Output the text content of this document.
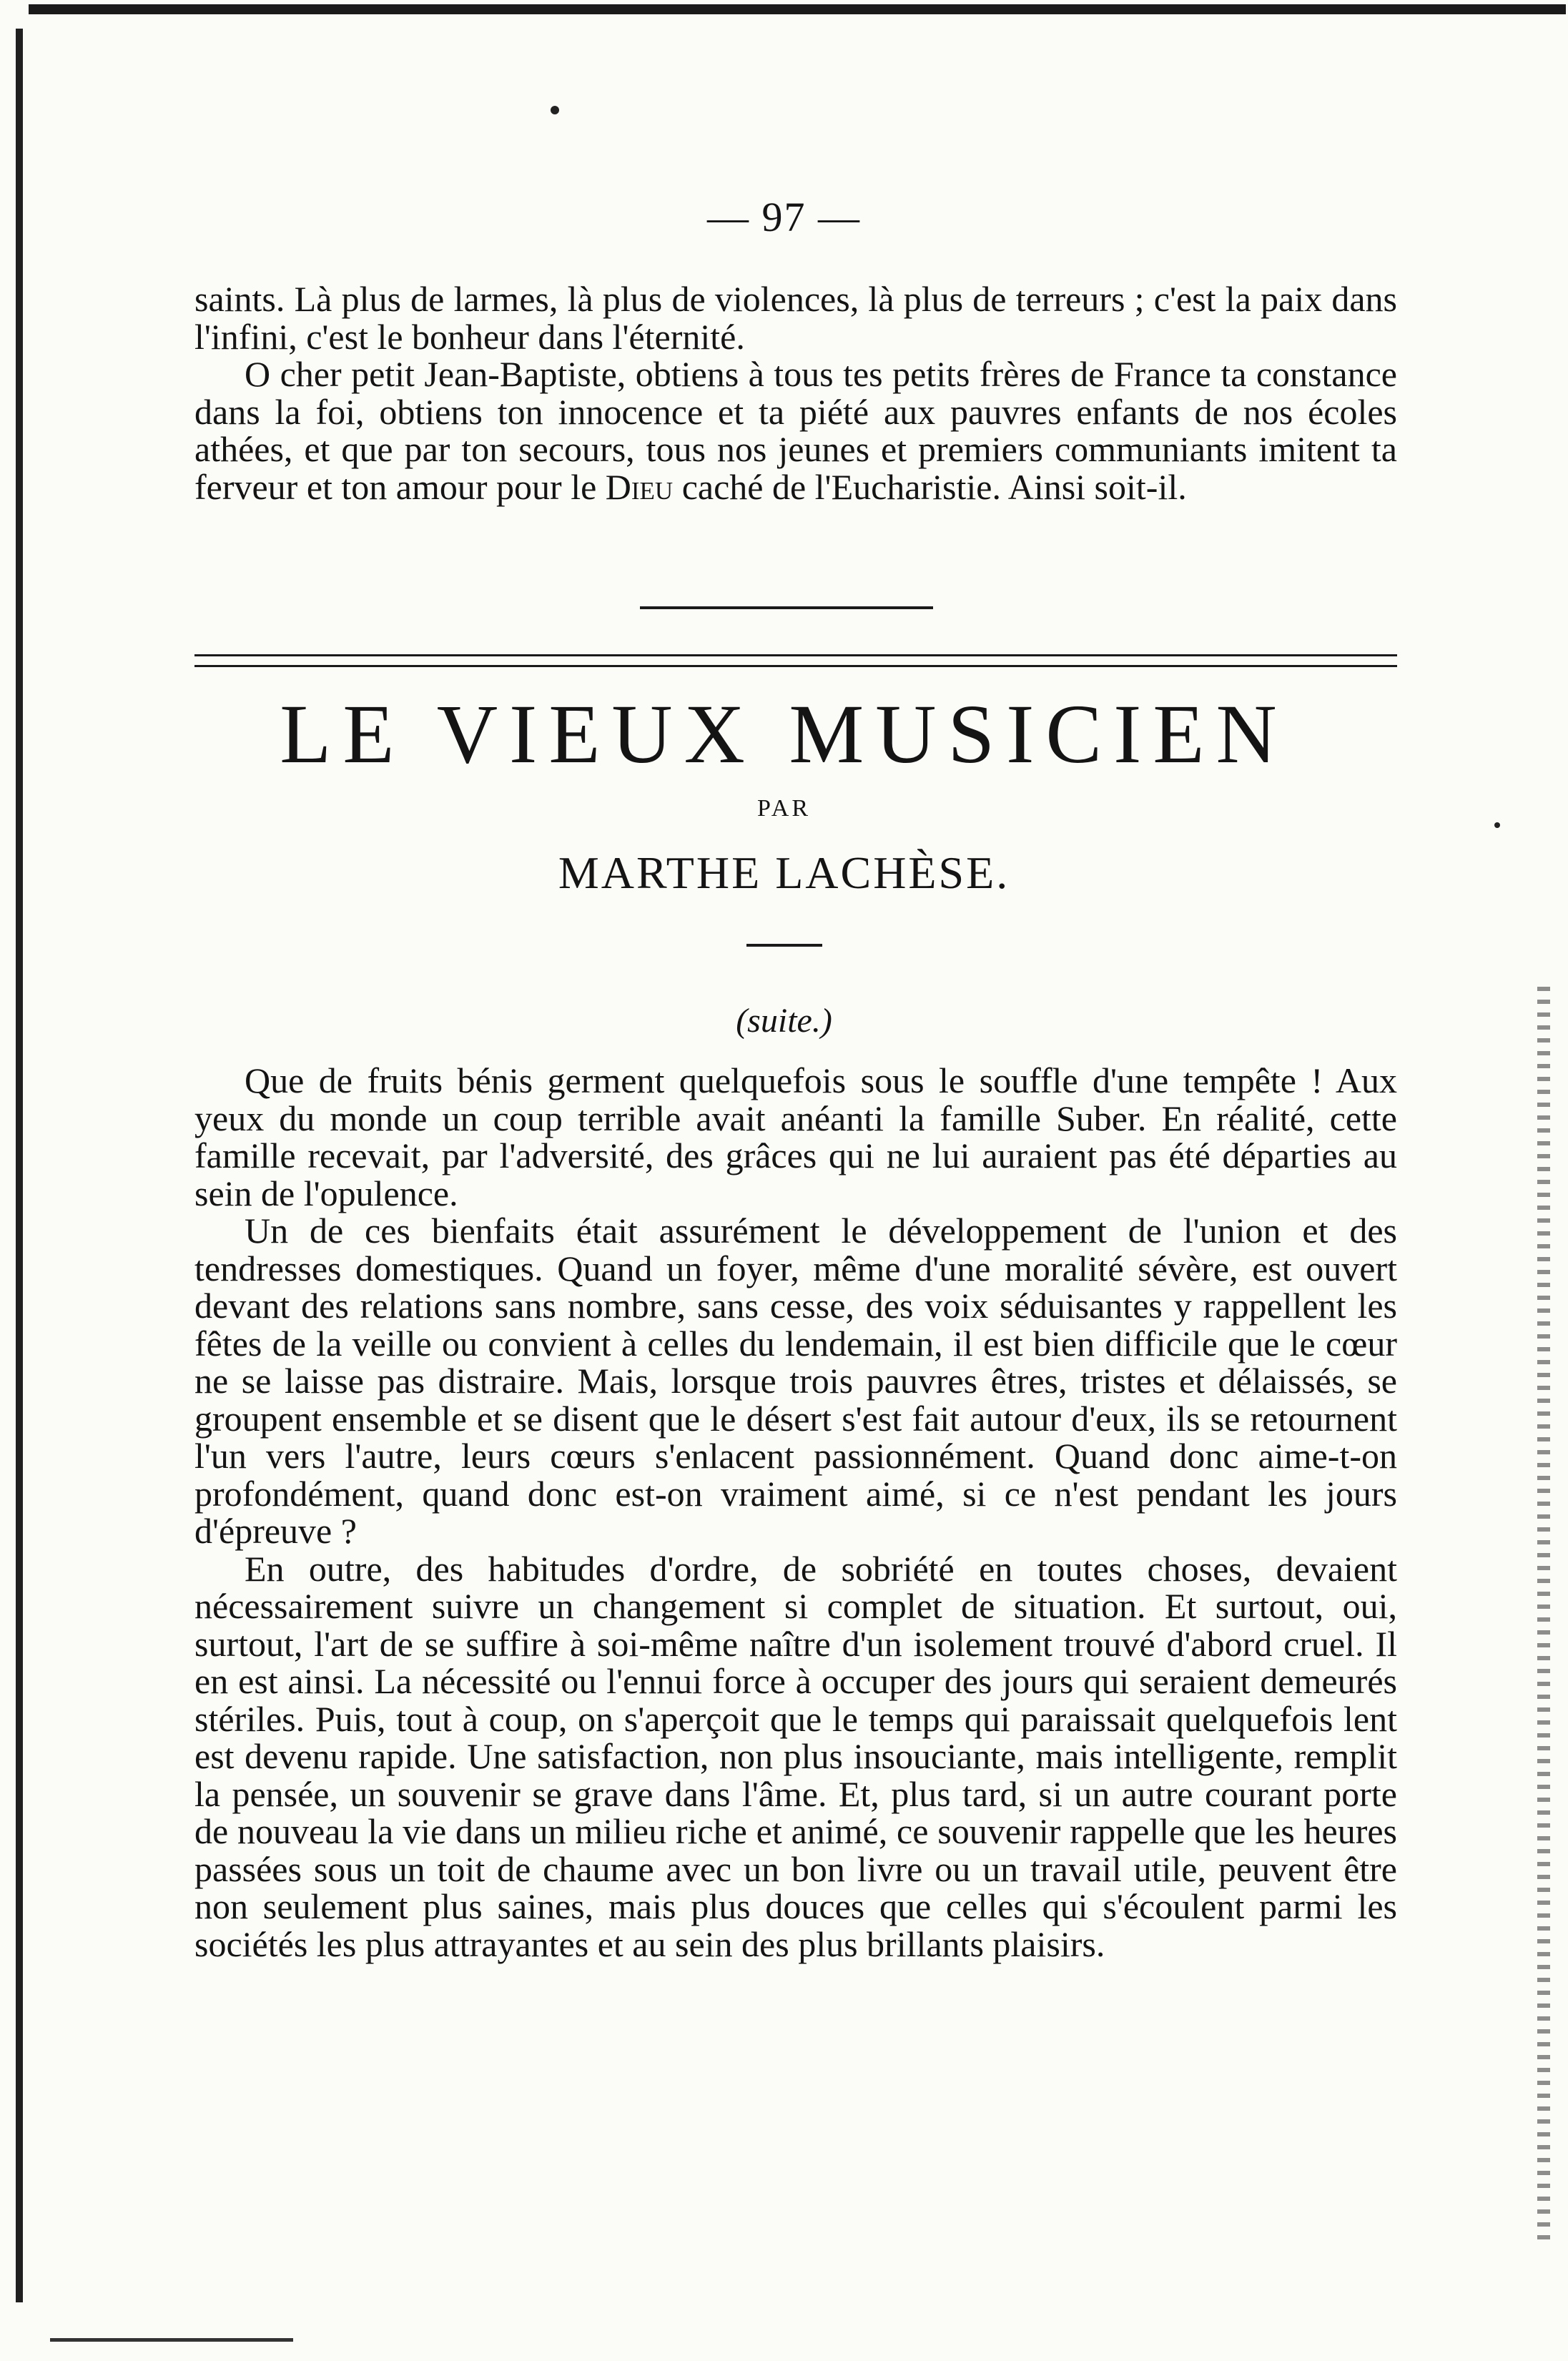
— 97 —

saints. Là plus de larmes, là plus de violences, là plus de terreurs ; c'est la paix dans l'infini, c'est le bonheur dans l'éternité.

O cher petit Jean-Baptiste, obtiens à tous tes petits frères de France ta constance dans la foi, obtiens ton innocence et ta piété aux pauvres enfants de nos écoles athées, et que par ton secours, tous nos jeunes et premiers communiants imitent ta ferveur et ton amour pour le Dieu caché de l'Eucharistie. Ainsi soit-il.

LE VIEUX MUSICIEN
PAR
MARTHE LACHÈSE.
(suite.)

Que de fruits bénis germent quelquefois sous le souffle d'une tempête ! Aux yeux du monde un coup terrible avait anéanti la famille Suber. En réalité, cette famille recevait, par l'adversité, des grâces qui ne lui auraient pas été départies au sein de l'opulence.

Un de ces bienfaits était assurément le développement de l'union et des tendresses domestiques. Quand un foyer, même d'une moralité sévère, est ouvert devant des relations sans nombre, sans cesse, des voix séduisantes y rappellent les fêtes de la veille ou convient à celles du lendemain, il est bien difficile que le cœur ne se laisse pas distraire. Mais, lorsque trois pauvres êtres, tristes et délaissés, se groupent ensemble et se disent que le désert s'est fait autour d'eux, ils se retournent l'un vers l'autre, leurs cœurs s'enlacent passionnément. Quand donc aime-t-on profondément, quand donc est-on vraiment aimé, si ce n'est pendant les jours d'épreuve ?

En outre, des habitudes d'ordre, de sobriété en toutes choses, devaient nécessairement suivre un changement si complet de situation. Et surtout, oui, surtout, l'art de se suffire à soi-même naître d'un isolement trouvé d'abord cruel. Il en est ainsi. La nécessité ou l'ennui force à occuper des jours qui seraient demeurés stériles. Puis, tout à coup, on s'aperçoit que le temps qui paraissait quelquefois lent est devenu rapide. Une satisfaction, non plus insouciante, mais intelligente, remplit la pensée, un souvenir se grave dans l'âme. Et, plus tard, si un autre courant porte de nouveau la vie dans un milieu riche et animé, ce souvenir rappelle que les heures passées sous un toit de chaume avec un bon livre ou un travail utile, peuvent être non seulement plus saines, mais plus douces que celles qui s'écoulent parmi les sociétés les plus attrayantes et au sein des plus brillants plaisirs.
